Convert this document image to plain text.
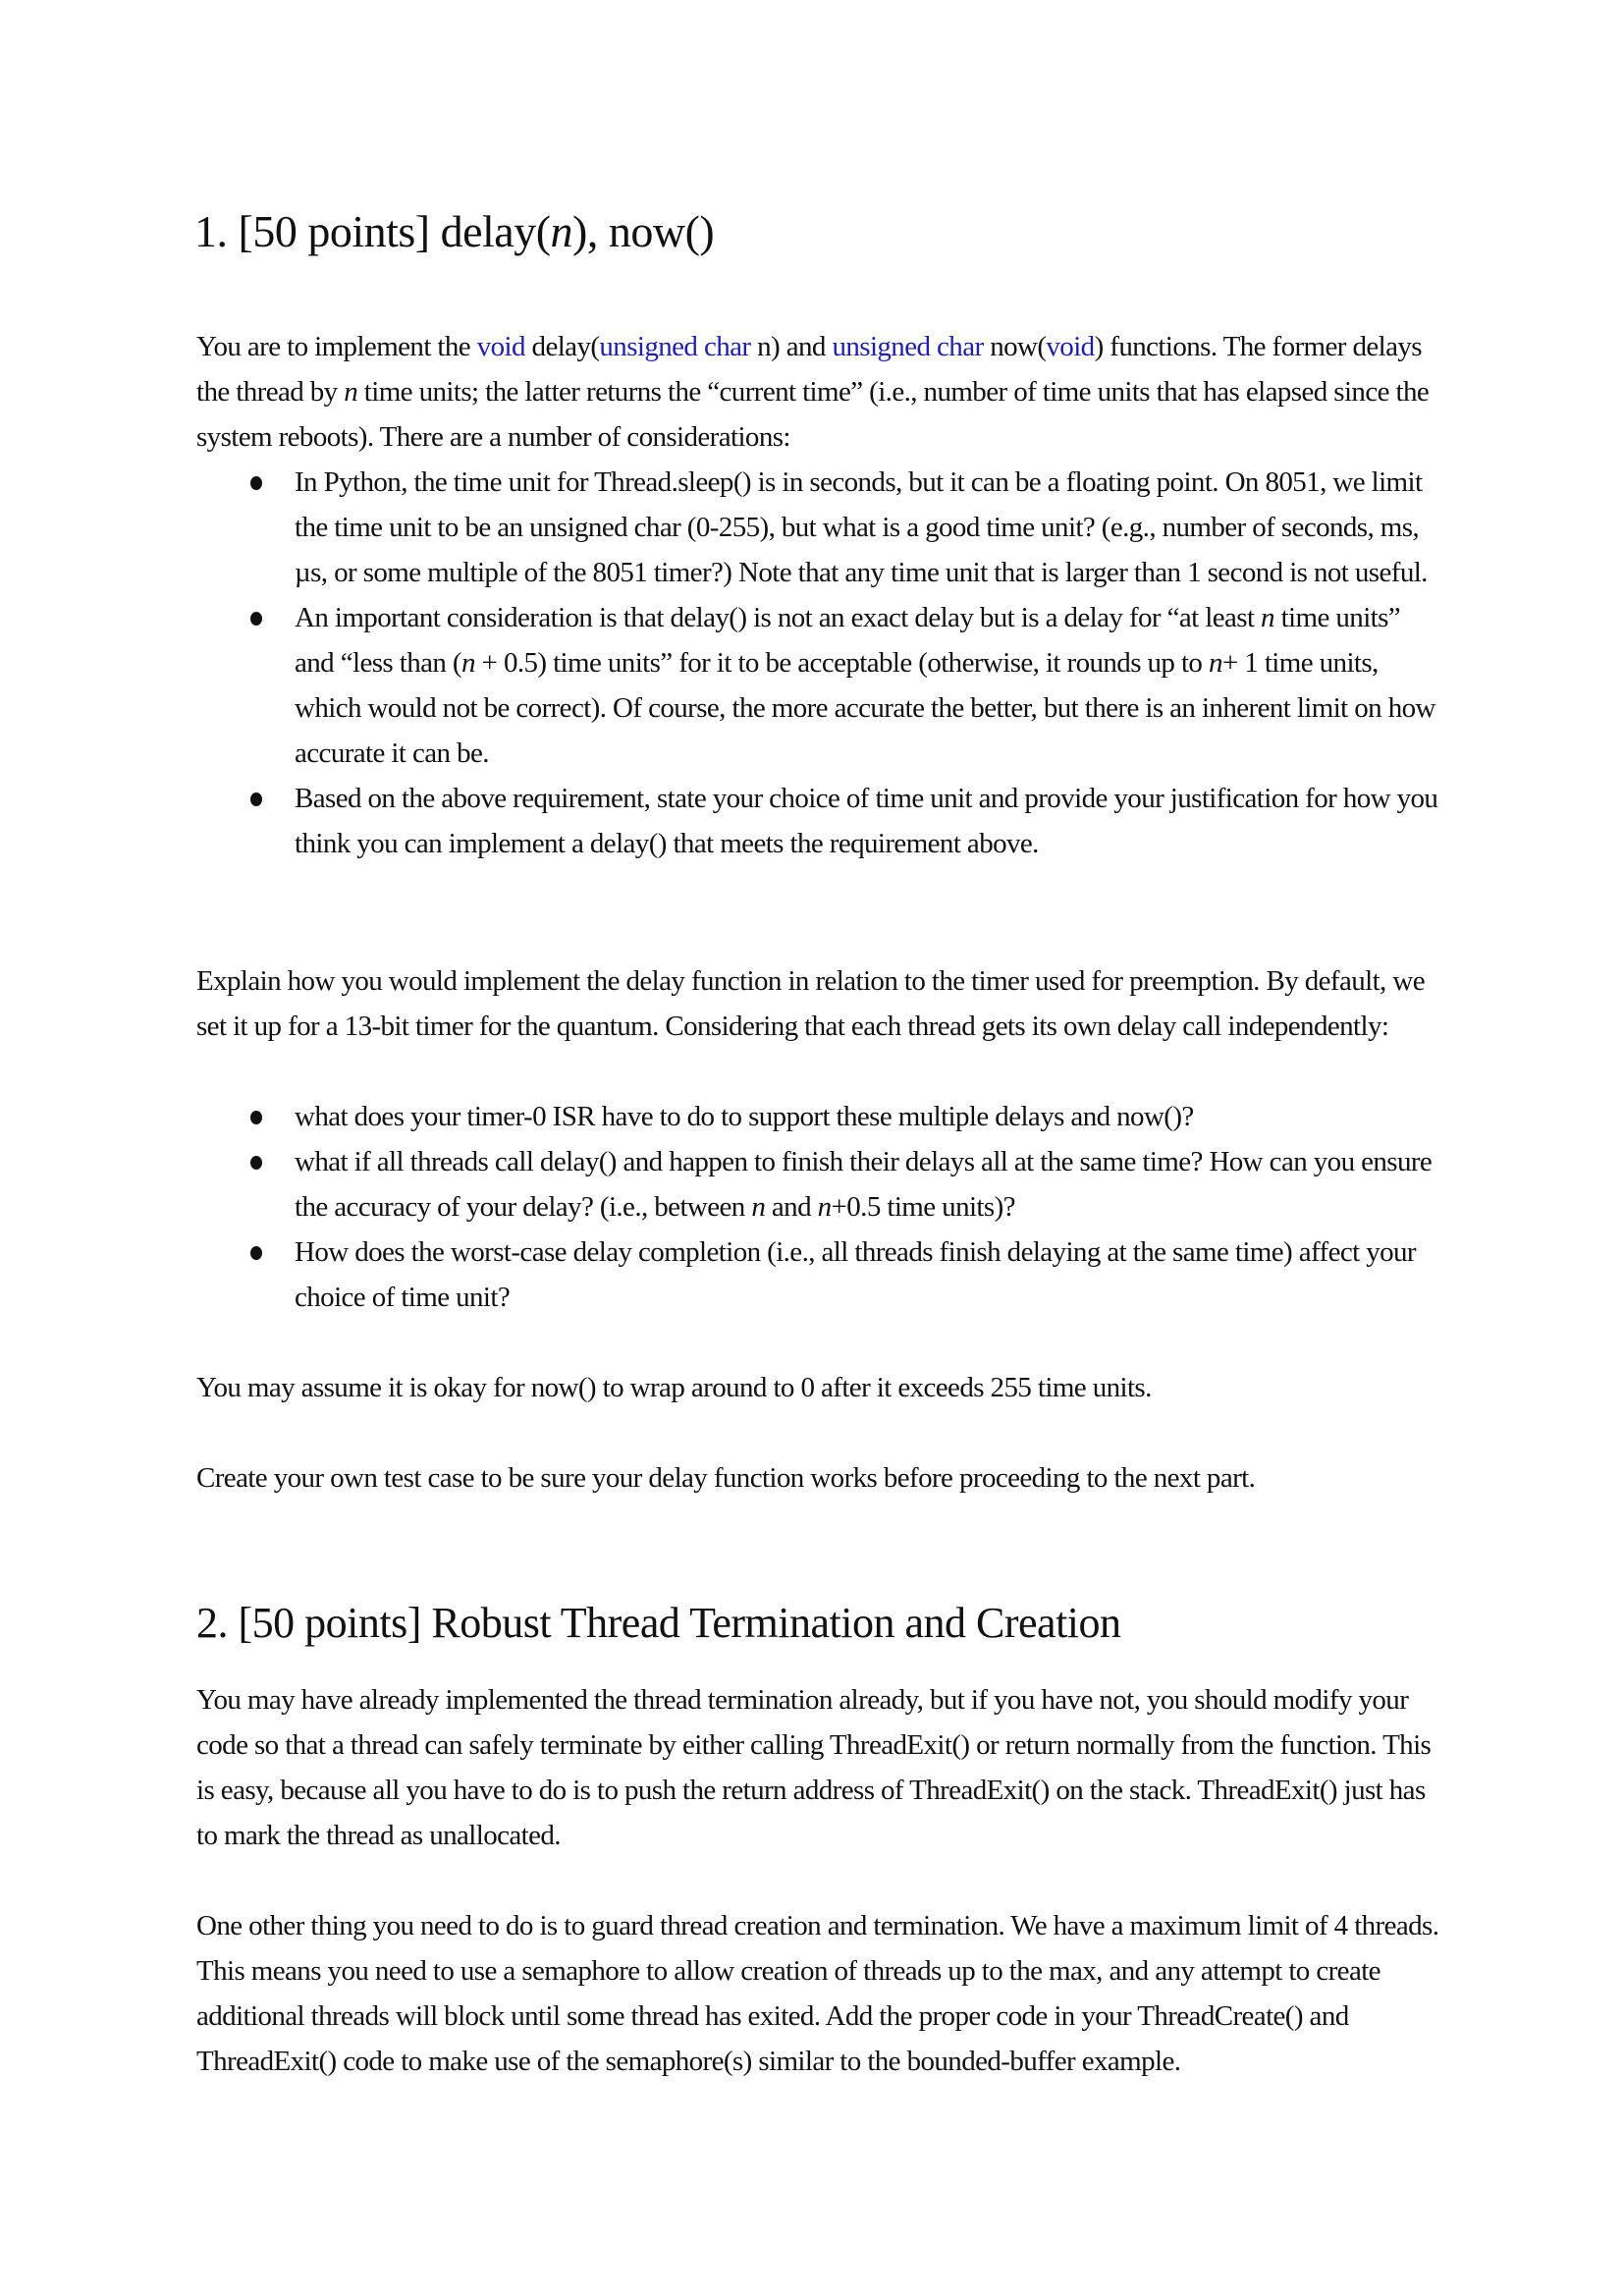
1. [50 points] delay(n), now()

You are to implement the void delay(unsigned char n) and unsigned char now(void) functions. The former delays the thread by n time units; the latter returns the “current time” (i.e., number of time units that has elapsed since the system reboots). There are a number of considerations:

In Python, the time unit for Thread.sleep() is in seconds, but it can be a floating point. On 8051, we limit the time unit to be an unsigned char (0-255), but what is a good time unit? (e.g., number of seconds, ms, µs, or some multiple of the 8051 timer?) Note that any time unit that is larger than 1 second is not useful.
An important consideration is that delay() is not an exact delay but is a delay for “at least n time units” and “less than (n + 0.5) time units” for it to be acceptable (otherwise, it rounds up to n+ 1 time units, which would not be correct). Of course, the more accurate the better, but there is an inherent limit on how accurate it can be.
Based on the above requirement, state your choice of time unit and provide your justification for how you think you can implement a delay() that meets the requirement above.

Explain how you would implement the delay function in relation to the timer used for preemption. By default, we set it up for a 13-bit timer for the quantum. Considering that each thread gets its own delay call independently:

what does your timer-0 ISR have to do to support these multiple delays and now()?
what if all threads call delay() and happen to finish their delays all at the same time? How can you ensure the accuracy of your delay? (i.e., between n and n+0.5 time units)?
How does the worst-case delay completion (i.e., all threads finish delaying at the same time) affect your choice of time unit?

You may assume it is okay for now() to wrap around to 0 after it exceeds 255 time units.

Create your own test case to be sure your delay function works before proceeding to the next part.

2. [50 points] Robust Thread Termination and Creation

You may have already implemented the thread termination already, but if you have not, you should modify your code so that a thread can safely terminate by either calling ThreadExit() or return normally from the function. This is easy, because all you have to do is to push the return address of ThreadExit() on the stack. ThreadExit() just has to mark the thread as unallocated.

One other thing you need to do is to guard thread creation and termination. We have a maximum limit of 4 threads. This means you need to use a semaphore to allow creation of threads up to the max, and any attempt to create additional threads will block until some thread has exited. Add the proper code in your ThreadCreate() and ThreadExit() code to make use of the semaphore(s) similar to the bounded-buffer example.
